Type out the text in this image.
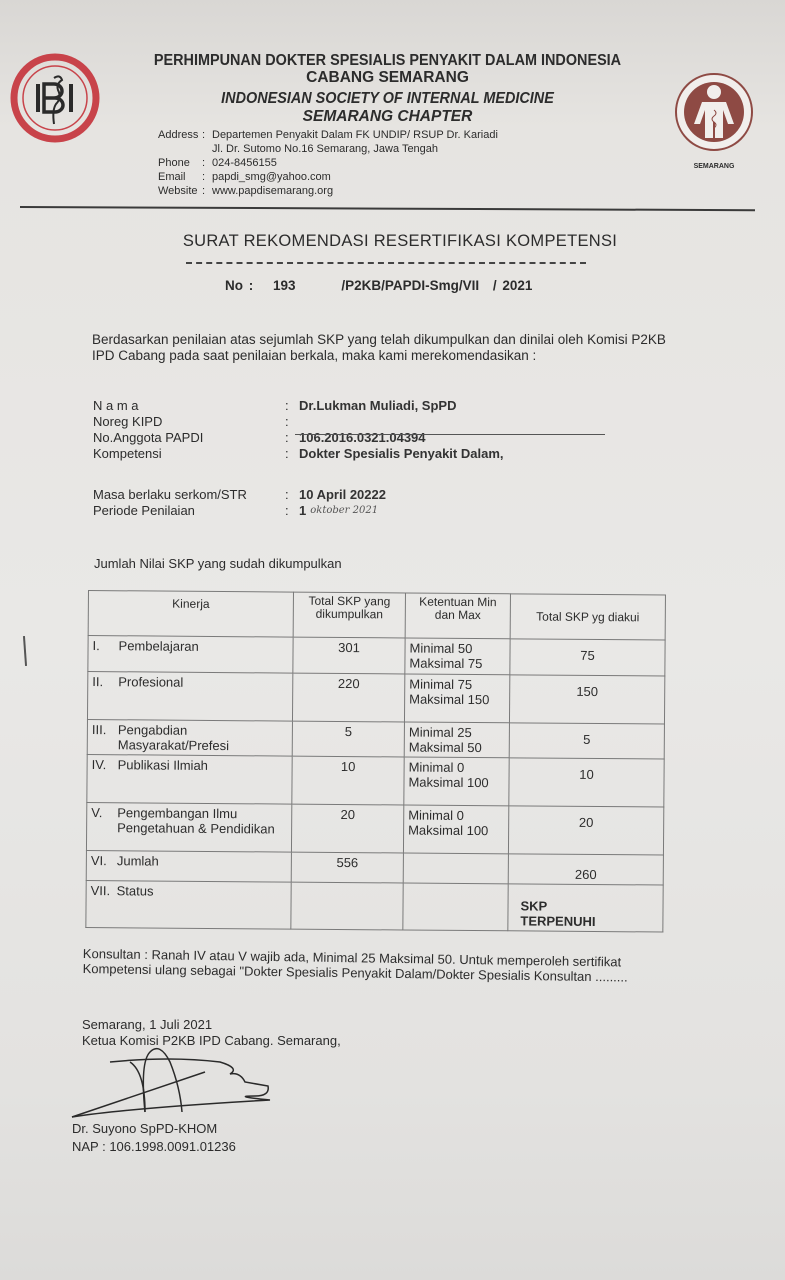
PERHIMPUNAN DOKTER SPESIALIS PENYAKIT DALAM INDONESIA
CABANG SEMARANG
INDONESIAN SOCIETY OF INTERNAL MEDICINE
SEMARANG CHAPTER
Address : Departemen Penyakit Dalam FK UNDIP/ RSUP Dr. Kariadi
Jl. Dr. Sutomo No.16 Semarang, Jawa Tengah
Phone	: 024-8456155
Email	: papdi_smg@yahoo.com
Website : www.papdisemarang.org
SEMARANG
SURAT REKOMENDASI RESERTIFIKASI KOMPETENSI
No : 193	/P2KB/PAPDI-Smg/VII / 2021
Berdasarkan penilaian atas sejumlah SKP yang telah dikumpulkan dan dinilai oleh Komisi P2KB IPD Cabang pada saat penilaian berkala, maka kami merekomendasikan :
N a m a	: Dr.Lukman Muliadi, SpPD
Noreg KIPD	:
No.Anggota PAPDI	: 106.2016.0321.04394
Kompetensi	: Dokter Spesialis Penyakit Dalam,
Masa berlaku serkom/STR	: 10 April 20222
Periode Penilaian	: 1 oktober 2021
Jumlah Nilai SKP yang sudah dikumpulkan
Kinerja	Total SKP yang dikumpulkan	Ketentuan Min dan Max	Total SKP yg diakui

I. Pembelajaran	301	Minimal 50 Maksimal 75	75

II. Profesional	220	Minimal 75 Maksimal 150	150

III. Pengabdian Masyarakat/Prefesi	5	Minimal 25 Maksimal 50	5

IV. Publikasi Ilmiah	10	Minimal 0 Maksimal 100	10

V. Pengembangan Ilmu Pengetahuan & Pendidikan	20	Minimal 0 Maksimal 100	20

VI. Jumlah	556		260

VII. Status			SKP TERPENUHI
Konsultan : Ranah IV atau V wajib ada, Minimal 25 Maksimal 50. Untuk memperoleh sertifikat Kompetensi ulang sebagai "Dokter Spesialis Penyakit Dalam/Dokter Spesialis Konsultan .........
Semarang, 1 Juli 2021
Ketua Komisi P2KB IPD Cabang. Semarang,
Dr. Suyono SpPD-KHOM
NAP : 106.1998.0091.01236
